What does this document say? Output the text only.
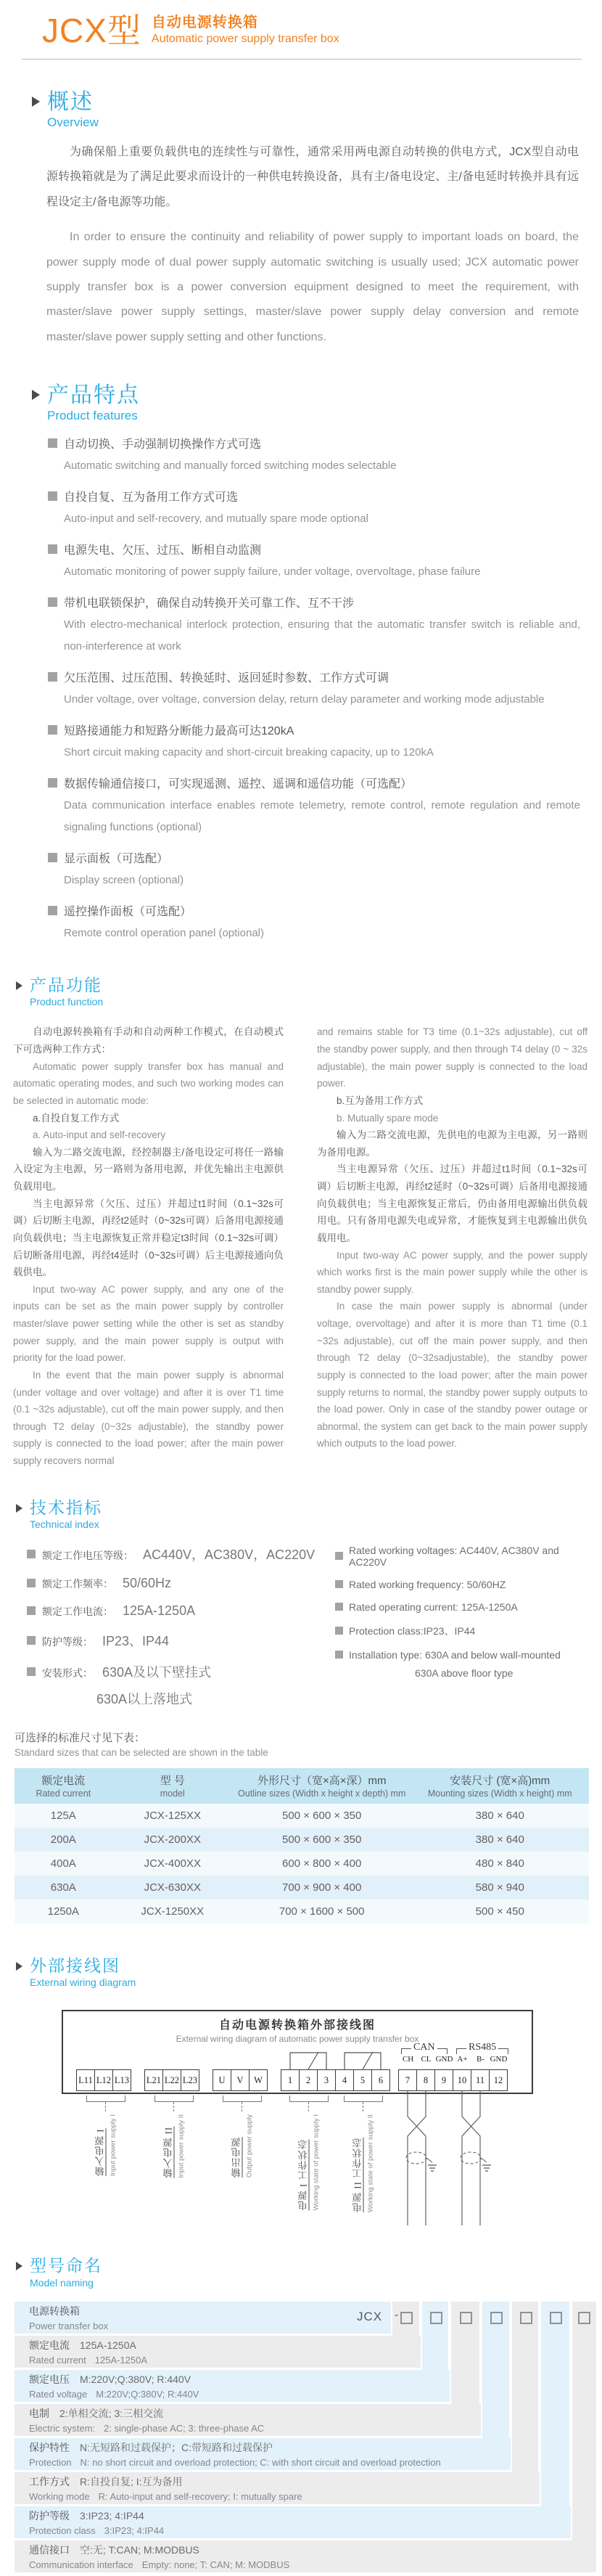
JCX型 自动电源转换箱
Automatic power supply transfer box
概述
Overview

为确保船上重要负载供电的连续性与可靠性，通常采用两电源自动转换的供电方式，JCX型自动电源转换箱就是为了满足此要求而设计的一种供电转换设备，具有主/备电设定、主/备电延时转换并具有远程设定主/备电源等功能。

In order to ensure the continuity and reliability of power supply to important loads on board, the power supply mode of dual power supply automatic switching is usually used; JCX automatic power supply transfer box is a power conversion equipment designed to meet the requirement, with master/slave power supply settings, master/slave power supply delay conversion and remote master/slave power supply setting and other functions.

产品特点
Product features
自动切换、手动强制切换操作方式可选
Automatic switching and manually forced switching modes selectable
自投自复、互为备用工作方式可选
Auto-input and self-recovery, and mutually spare mode optional
电源失电、欠压、过压、断相自动监测
Automatic monitoring of power supply failure, under voltage, overvoltage, phase failure
带机电联锁保护，确保自动转换开关可靠工作、互不干涉
With electro-mechanical interlock protection, ensuring that the automatic transfer switch is reliable and, non-interference at work
欠压范围、过压范围、转换延时、返回延时参数、工作方式可调
Under voltage, over voltage, conversion delay, return delay parameter and working mode adjustable
短路接通能力和短路分断能力最高可达120kA
Short circuit making capacity and short-circuit breaking capacity, up to 120kA
数据传输通信接口，可实现遥测、遥控、遥调和遥信功能（可选配）
Data communication interface enables remote telemetry, remote control, remote regulation and remote signaling functions (optional)
显示面板（可选配）
Display screen (optional)
遥控操作面板（可选配）
Remote control operation panel (optional)
产品功能
Product function

自动电源转换箱有手动和自动两种工作模式，在自动模式下可选两种工作方式：

Automatic power supply transfer box has manual and automatic operating modes, and such two working modes can be selected in automatic mode:

a.自投自复工作方式

a. Auto-input and self-recovery

输入为二路交流电源，经控制器主/备电设定可将任一路输入设定为主电源，另一路则为备用电源，并优先输出主电源供负载用电。

当主电源异常（欠压、过压）并超过t1时间（0.1~32s可调）后切断主电源，再经t2延时（0~32s可调）后备用电源接通向负载供电；当主电源恢复正常并稳定t3时间（0.1~32s可调）后切断备用电源，再经t4延时（0~32s可调）后主电源接通向负载供电。

Input two-way AC power supply, and any one of the inputs can be set as the main power supply by controller master/slave power setting while the other is set as standby power supply, and the main power supply is output with priority for the load power.

In the event that the main power supply is abnormal (under voltage and over voltage) and after it is over T1 time (0.1 ~32s adjustable), cut off the main power supply, and then through T2 delay (0~32s adjustable), the standby power supply is connected to the load power; after the main power supply recovers normal

and remains stable for T3 time (0.1~32s adjustable), cut off the standby power supply, and then through T4 delay (0 ~ 32s adjustable), the main power supply is connected to the load power.

b.互为备用工作方式

b. Mutually spare mode

输入为二路交流电源，先供电的电源为主电源，另一路则为备用电源。

当主电源异常（欠压、过压）并超过t1时间（0.1~32s可调）后切断主电源，再经t2延时（0~32s可调）后备用电源接通向负载供电；当主电源恢复正常后，仍由备用电源输出供负载用电。只有备用电源失电或异常，才能恢复到主电源输出供负载用电。

Input two-way AC power supply, and the power supply which works first is the main power supply while the other is standby power supply.

In case the main power supply is abnormal (under voltage, overvoltage) and after it is more than T1 time (0.1 ~32s adjustable), cut off the main power supply, and then through T2 delay (0~32sadjustable), the standby power supply is connected to the load power; after the main power supply returns to normal, the standby power supply outputs to the load power. Only in case of the standby power outage or abnormal, the system can get back to the main power supply which outputs to the load power.

技术指标
Technical index
额定工作电压等级： AC440V，AC380V，AC220V
额定工作频率： 50/60Hz
额定工作电流： 125A-1250A
防护等级： IP23、IP44
安装形式： 630A及以下壁挂式
630A以上落地式
Rated working voltages: AC440V, AC380V and AC220V
Rated working frequency: 50/60HZ
Rated operating current: 125A-1250A
Protection class:IP23、IP44
Installation type: 630A and below wall-mounted
630A above floor type
可选择的标准尺寸见下表：
Standard sizes that can be selected are shown in the table
额定电流
Rated current	型 号
model	外形尺寸（宽×高×深）mm
Outline sizes (Width x height x depth) mm	安装尺寸 (宽×高)mm
Mounting sizes (Width x height) mm

125A	JCX-125XX	500 × 600 × 350	380 × 640
200A	JCX-200XX	500 × 600 × 350	380 × 640
400A	JCX-400XX	600 × 800 × 400	480 × 840
630A	JCX-630XX	700 × 900 × 400	580 × 940
1250A	JCX-1250XX	700 × 1600 × 500	500 × 450
外部接线图
External wiring diagram
自动电源转换箱外部接线图
External wiring diagram of automatic power supply transfer box
CAN	RS485
CH CL GND A+	B- GND
L11 L12 L13 L21 L22 L23	U	V	W	1	2	3	4	5	6	7	8	9	10	11	12
输入电源 I Input power supply I	输入电源 II Input power supply II	输出电源 Output power supply	电源 I 工作状态 Working state of power supply I	电源 II 工作状态 Working state of power supply II
型号命名
Model naming
电源转换箱
Power transfer box
额定电流 125A-1250A
Rated current 125A-1250A
额定电压 M:220V;Q:380V; R:440V
Rated voltage M:220V;Q:380V; R:440V
电制 2:单相交流; 3:三相交流
Electric system: 2: single-phase AC; 3: three-phase AC
保护特性 N:无短路和过载保护；C:带短路和过载保护
Protection N: no short circuit and overload protection; C: with short circuit and overload protection
工作方式 R:自投自复; I:互为备用
Working mode R: Auto-input and self-recovery; I: mutually spare
防护等级 3:IP23; 4:IP44
Protection class 3:IP23; 4:IP44
通信接口 空:无; T:CAN; M:MODBUS
Communication interface Empty: none; T: CAN; M: MODBUS
JCX -
